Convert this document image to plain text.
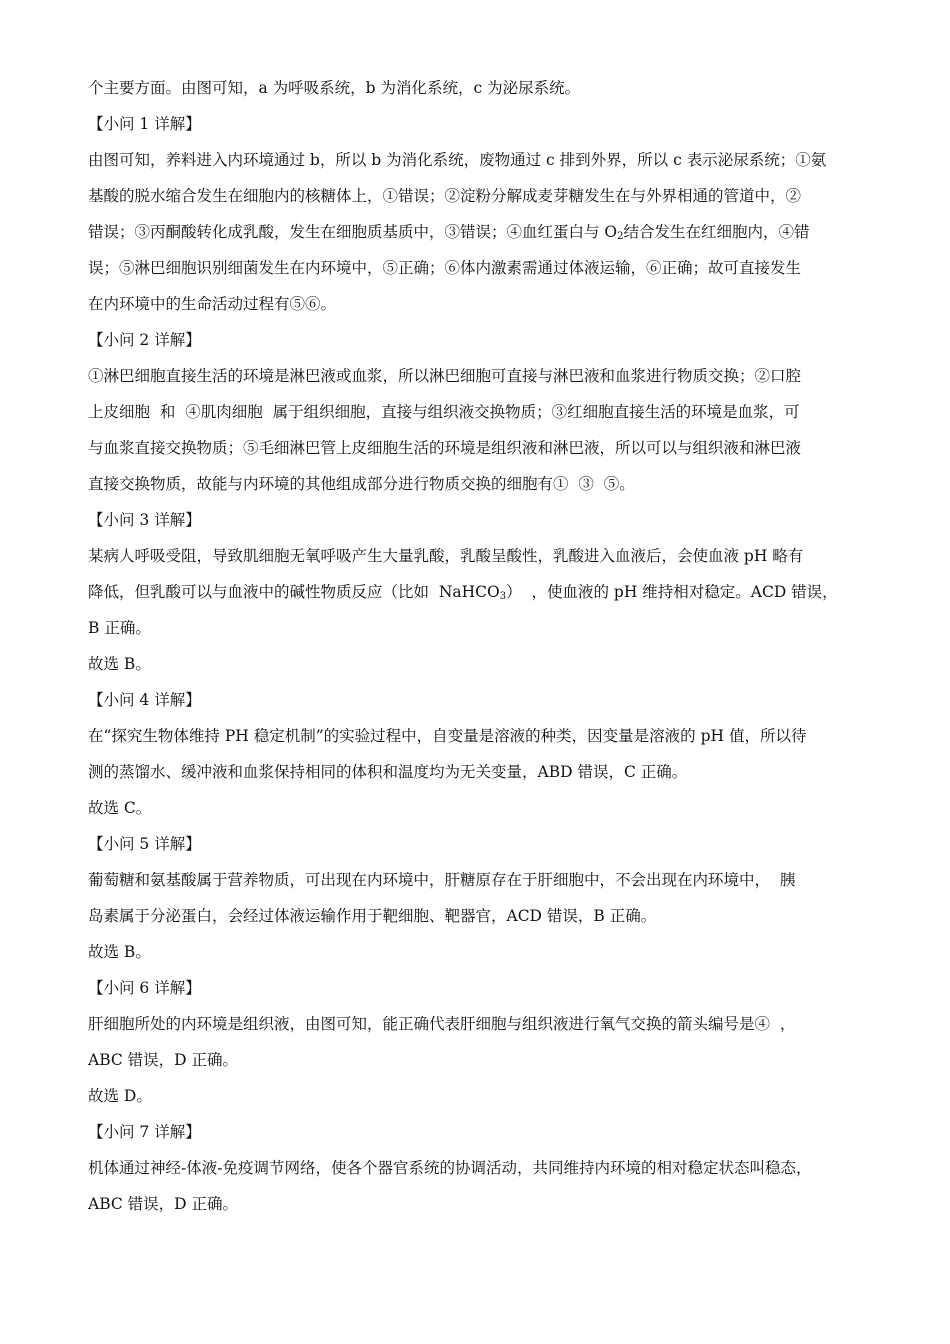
个主要方面。由图可知，a 为呼吸系统，b 为消化系统，c 为泌尿系统。
【小问 1 详解】
由图可知，养料进入内环境通过 b，所以 b 为消化系统，废物通过 c 排到外界，所以 c 表示泌尿系统；①氨
基酸的脱水缩合发生在细胞内的核糖体上，①错误；②淀粉分解成麦芽糖发生在与外界相通的管道中，②
错误；③丙酮酸转化成乳酸，发生在细胞质基质中，③错误；④血红蛋白与 $O_2$结合发生在红细胞内，④错
误；⑤淋巴细胞识别细菌发生在内环境中，⑤正确；⑥体内激素需通过体液运输，⑥正确；故可直接发生
在内环境中的生命活动过程有⑤⑥。
【小问 2 详解】
①淋巴细胞直接生活的环境是淋巴液或血浆，所以淋巴细胞可直接与淋巴液和血浆进行物质交换；②口腔
上皮细胞  和  ④肌肉细胞  属于组织细胞，直接与组织液交换物质；③红细胞直接生活的环境是血浆，可
与血浆直接交换物质；⑤毛细淋巴管上皮细胞生活的环境是组织液和淋巴液，所以可以与组织液和淋巴液
直接交换物质，故能与内环境的其他组成部分进行物质交换的细胞有①  ③  ⑤。
【小问 3 详解】
某病人呼吸受阻，导致肌细胞无氧呼吸产生大量乳酸，乳酸呈酸性，乳酸进入血液后，会使血液 pH 略有
降低，但乳酸可以与血液中的碱性物质反应（比如  NaHCO$_3$）  ，使血液的 pH 维持相对稳定。ACD 错误，
B 正确。
故选 B。
【小问 4 详解】
在“探究生物体维持 PH 稳定机制”的实验过程中，自变量是溶液的种类，因变量是溶液的 pH 值，所以待
测的蒸馏水、缓冲液和血浆保持相同的体积和温度均为无关变量，ABD 错误，C 正确。
故选 C。
【小问 5 详解】
葡萄糖和氨基酸属于营养物质，可出现在内环境中，肝糖原存在于肝细胞中，不会出现在内环境中，  胰
岛素属于分泌蛋白，会经过体液运输作用于靶细胞、靶器官，ACD 错误，B 正确。
故选 B。
【小问 6 详解】
肝细胞所处的内环境是组织液，由图可知，能正确代表肝细胞与组织液进行氧气交换的箭头编号是④  ，
ABC 错误，D 正确。
故选 D。
【小问 7 详解】
机体通过神经-体液-免疫调节网络，使各个器官系统的协调活动，共同维持内环境的相对稳定状态叫稳态，
ABC 错误，D 正确。
